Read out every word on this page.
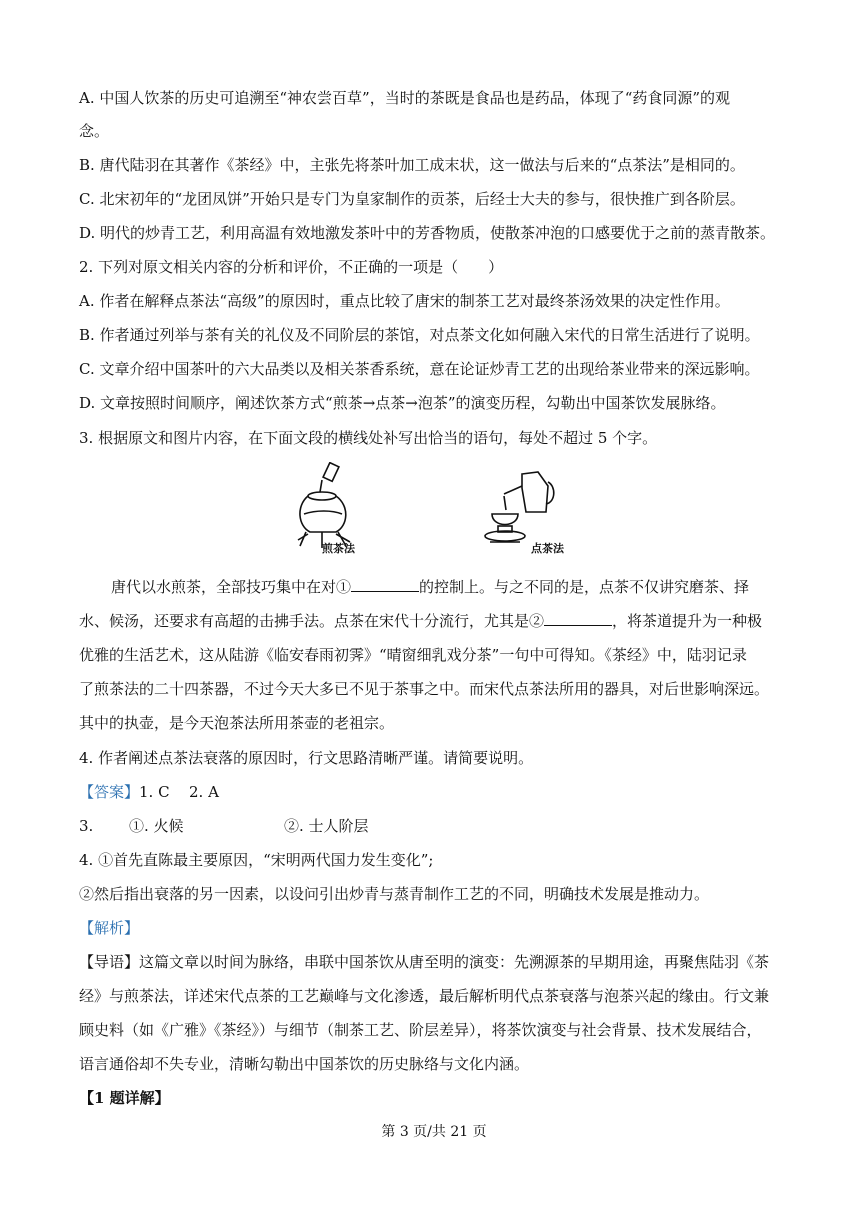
A. 中国人饮茶的历史可追溯至“神农尝百草”，当时的茶既是食品也是药品，体现了“药食同源”的观
念。
B. 唐代陆羽在其著作《茶经》中，主张先将茶叶加工成末状，这一做法与后来的“点茶法”是相同的。
C. 北宋初年的“龙团凤饼”开始只是专门为皇家制作的贡茶，后经士大夫的参与，很快推广到各阶层。
D. 明代的炒青工艺，利用高温有效地激发茶叶中的芳香物质，使散茶冲泡的口感要优于之前的蒸青散茶。
2. 下列对原文相关内容的分析和评价，不正确的一项是（　　）
A. 作者在解释点茶法“高级”的原因时，重点比较了唐宋的制茶工艺对最终茶汤效果的决定性作用。
B. 作者通过列举与茶有关的礼仪及不同阶层的茶馆，对点茶文化如何融入宋代的日常生活进行了说明。
C. 文章介绍中国茶叶的六大品类以及相关茶香系统，意在论证炒青工艺的出现给茶业带来的深远影响。
D. 文章按照时间顺序，阐述饮茶方式“煎茶→点茶→泡茶”的演变历程，勾勒出中国茶饮发展脉络。
3. 根据原文和图片内容，在下面文段的横线处补写出恰当的语句，每处不超过 5 个字。
煎茶法	点茶法
唐代以水煎茶，全部技巧集中在对①	的控制上。与之不同的是，点茶不仅讲究磨茶、择
水、候汤，还要求有高超的击拂手法。点茶在宋代十分流行，尤其是②	，将茶道提升为一种极
优雅的生活艺术，这从陆游《临安春雨初霁》“晴窗细乳戏分茶”一句中可得知。《茶经》中，陆羽记录
了煎茶法的二十四茶器，不过今天大多已不见于茶事之中。而宋代点茶法所用的器具，对后世影响深远。
其中的执壶，是今天泡茶法所用茶壶的老祖宗。
4. 作者阐述点茶法衰落的原因时，行文思路清晰严谨。请简要说明。
【答案】1. C 2. A
3. ①. 火候	②. 士人阶层
4. ①首先直陈最主要原因，“宋明两代国力发生变化”;
②然后指出衰落的另一因素，以设问引出炒青与蒸青制作工艺的不同，明确技术发展是推动力。
【解析】
【导语】这篇文章以时间为脉络，串联中国茶饮从唐至明的演变：先溯源茶的早期用途，再聚焦陆羽《茶
经》与煎茶法，详述宋代点茶的工艺巅峰与文化渗透，最后解析明代点茶衰落与泡茶兴起的缘由。行文兼
顾史料（如《广雅》《茶经》）与细节（制茶工艺、阶层差异），将茶饮演变与社会背景、技术发展结合，
语言通俗却不失专业，清晰勾勒出中国茶饮的历史脉络与文化内涵。
【1 题详解】
第 3 页/共 21 页
